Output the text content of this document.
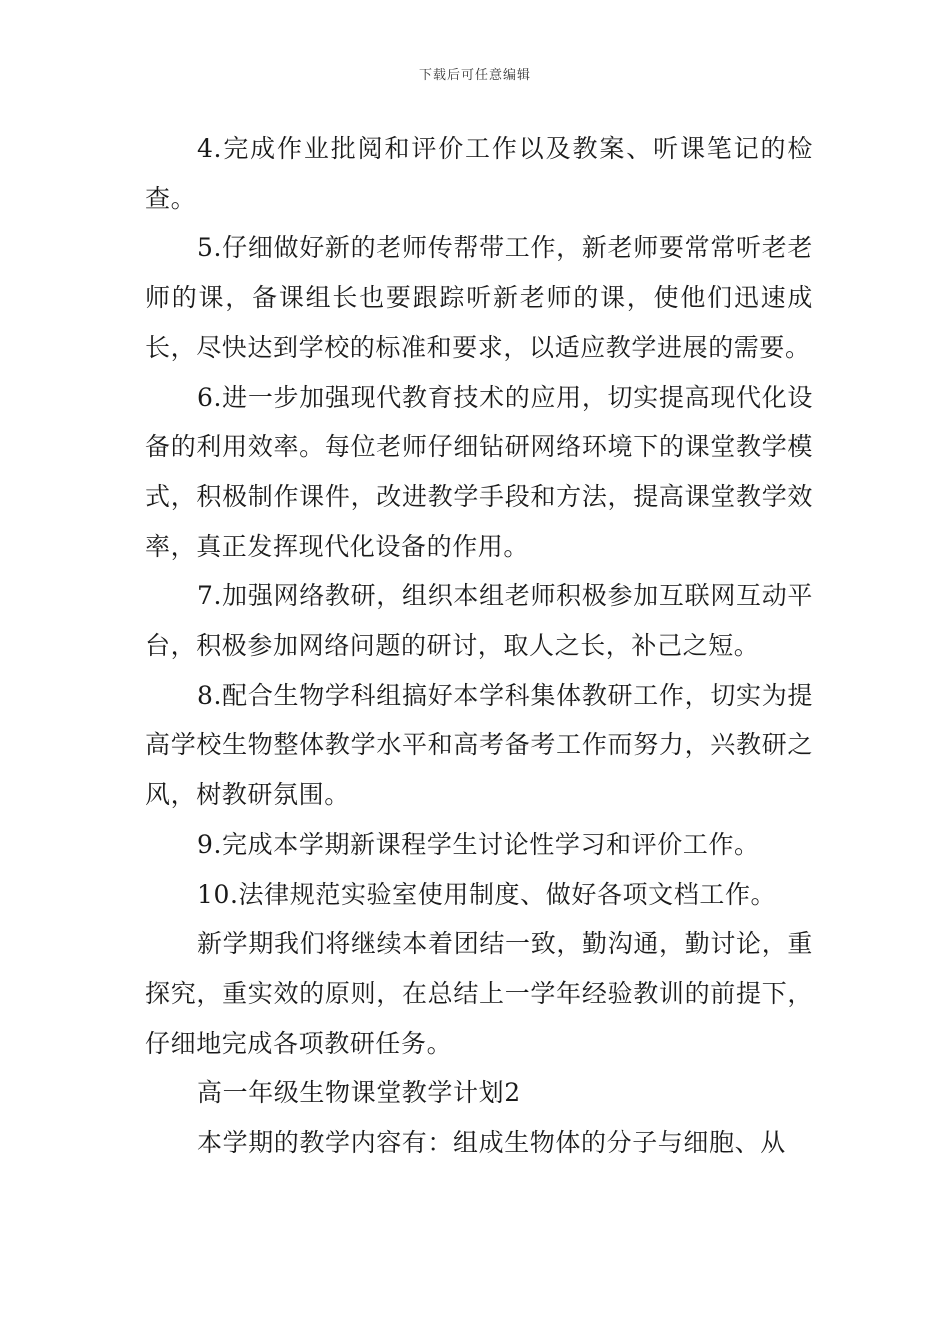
下载后可任意编辑

4.完成作业批阅和评价工作以及教案、听课笔记的检查。

5.仔细做好新的老师传帮带工作，新老师要常常听老老师的课，备课组长也要跟踪听新老师的课，使他们迅速成长，尽快达到学校的标准和要求，以适应教学进展的需要。

6.进一步加强现代教育技术的应用，切实提高现代化设备的利用效率。每位老师仔细钻研网络环境下的课堂教学模式，积极制作课件，改进教学手段和方法，提高课堂教学效率，真正发挥现代化设备的作用。

7.加强网络教研，组织本组老师积极参加互联网互动平台，积极参加网络问题的研讨，取人之长，补己之短。

8.配合生物学科组搞好本学科集体教研工作，切实为提高学校生物整体教学水平和高考备考工作而努力，兴教研之风，树教研氛围。

9.完成本学期新课程学生讨论性学习和评价工作。

10.法律规范实验室使用制度、做好各项文档工作。

新学期我们将继续本着团结一致，勤沟通，勤讨论，重探究，重实效的原则，在总结上一学年经验教训的前提下，仔细地完成各项教研任务。

高一年级生物课堂教学计划2

本学期的教学内容有：组成生物体的分子与细胞、从
